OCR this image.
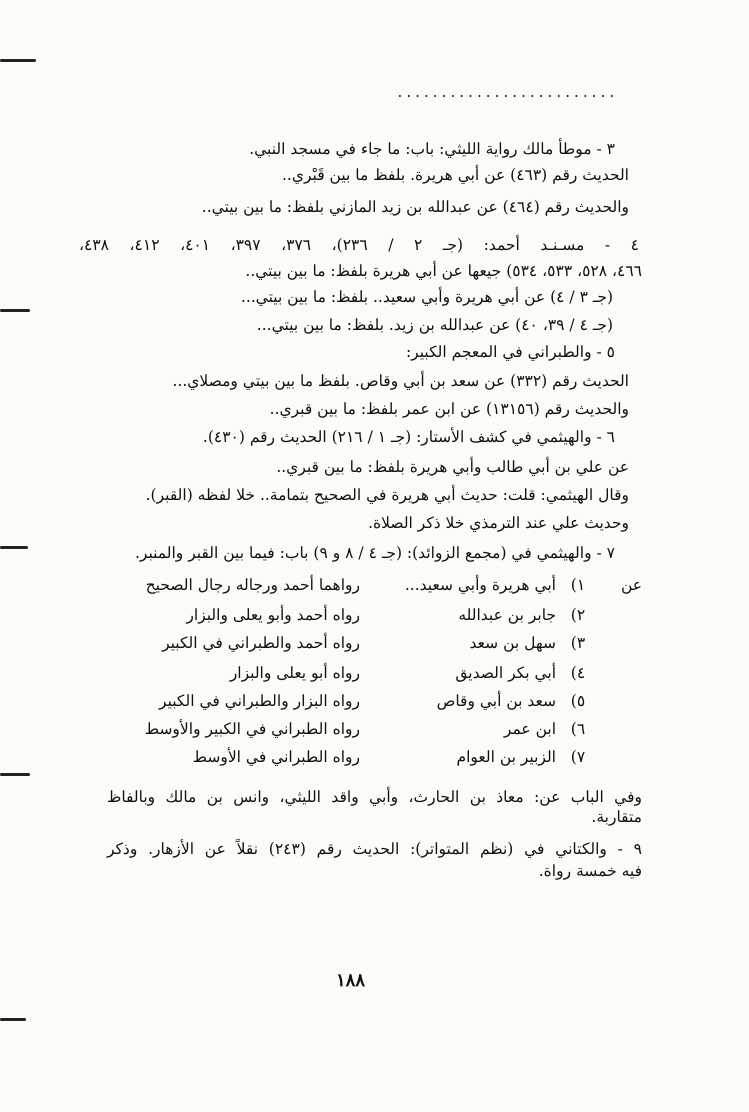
.........................
٣ - موطأ مالك رواية الليثي: باب: ما جاء في مسجد النبي.
الحديث رقم (٤٦٣) عن أبي هريرة. بلفظ ما بين قَبْري..
والحديث رقم (٤٦٤) عن عبدالله بن زيد المازني بلفظ: ما بين بيتي..
٤ - مسـنـد أحمد: (جـ ٢ / ٢٣٦)، ٣٧٦، ٣٩٧، ٤٠١، ٤١٢، ٤٣٨،
٤٦٦، ٥٢٨، ٥٣٣، ٥٣٤) جيعها عن أبي هريرة بلفظ: ما بين بيتي..
(جـ ٣ / ٤) عن أبي هريرة وأبي سعيد.. بلفظ: ما بين بيتي...
(جـ ٤ / ٣٩، ٤٠) عن عبدالله بن زيد. بلفظ: ما بين بيتي...
٥ - والطبراني في المعجم الكبير:
الحديث رقم (٣٣٢) عن سعد بن أبي وقاص. بلفظ ما بين بيتي ومصلاي...
والحديث رقم (١٣١٥٦) عن ابن عمر بلفظ: ما بين قبري..
٦ - والهيثمي في كشف الأستار: (جـ ١ / ٢١٦) الحديث رقم (٤٣٠).
عن علي بن أبي طالب وأبي هريرة بلفظ: ما بين قبري..
وقال الهيثمي: قلت: حديث أبي هريرة في الصحيح بتمامة.. خلا لفظه (القبر).
وحديث علي عند الترمذي خلا ذكر الصلاة.
٧ - والهيثمي في (مجمع الزوائد): (جـ ٤ / ٨ و ٩) باب: فيما بين القبر والمنبر.
عن
١)
أبي هريرة وأبي سعيد...
رواهما أحمد ورجاله رجال الصحيح
٢)
جابر بن عبدالله
رواه أحمد وأبو يعلى والبزار
٣)
سهل بن سعد
رواه أحمد والطبراني في الكبير
٤)
أبي بكر الصديق
رواه أبو يعلى والبزار
٥)
سعد بن أبي وقاص
رواه البزار والطبراني في الكبير
٦)
ابن عمر
رواه الطبراني في الكبير والأوسط
٧)
الزبير بن العوام
رواه الطبراني في الأوسط
وفي الباب عن: معاذ بن الحارث، وأبي واقد الليثي، وانس بن مالك وبالفاظ
متقاربة.
٩ - والكتاني في (نظم المتواتر): الحديث رقم (٢٤٣) نقلاً عن الأزهار. وذكر
فيه خمسة رواة.
١٨٨
